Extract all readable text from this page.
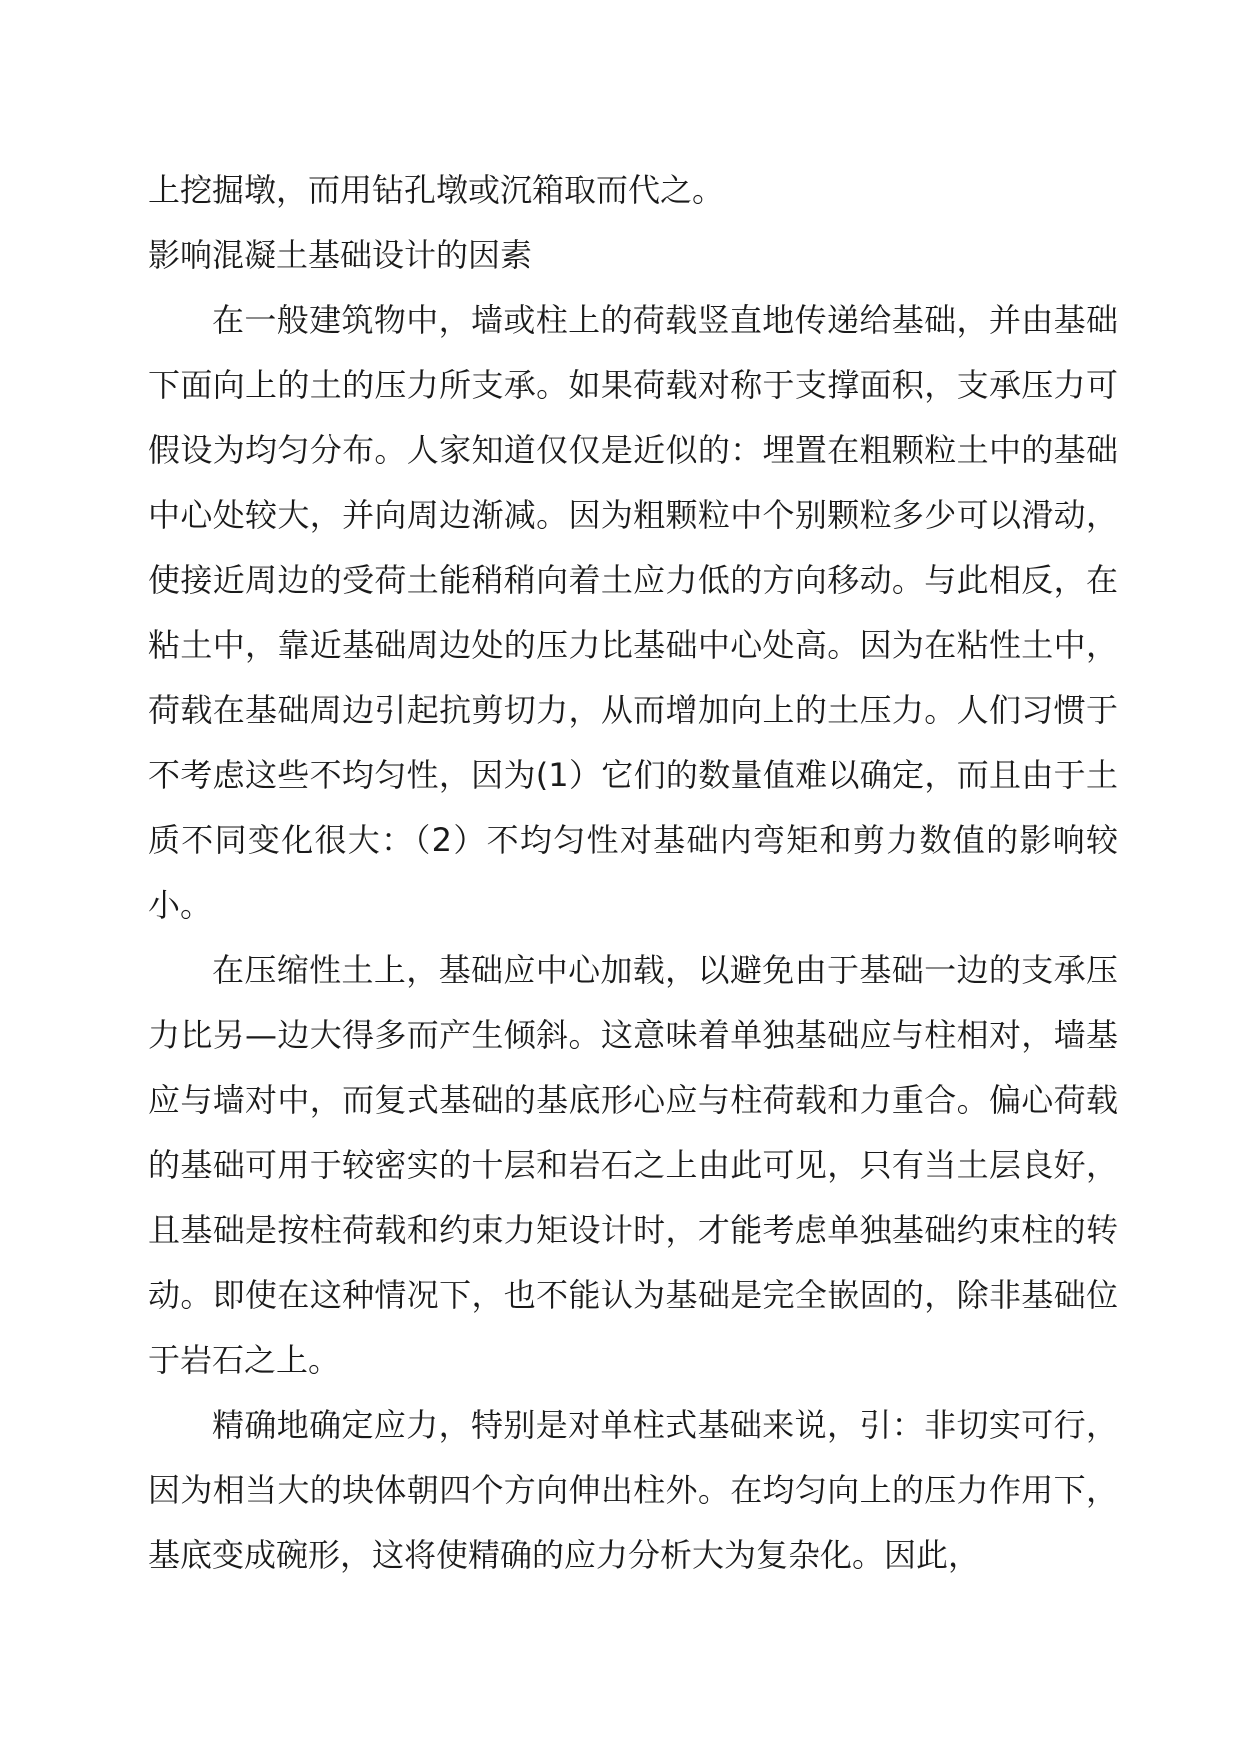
上挖掘墩，而用钻孔墩或沉箱取而代之。
影响混凝土基础设计的因素

在一般建筑物中，墙或柱上的荷载竖直地传递给基础，并由基础下面向上的土的压力所支承。如果荷载对称于支撑面积，支承压力可假设为均匀分布。人家知道仅仅是近似的：埋置在粗颗粒土中的基础中心处较大，并向周边渐减。因为粗颗粒中个别颗粒多少可以滑动，使接近周边的受荷土能稍稍向着土应力低的方向移动。与此相反，在粘土中，靠近基础周边处的压力比基础中心处高。因为在粘性土中，荷载在基础周边引起抗剪切力，从而增加向上的土压力。人们习惯于不考虑这些不均匀性，因为(1）它们的数量值难以确定，而且由于土质不同变化很大：（2）不均匀性对基础内弯矩和剪力数值的影响较小。

在压缩性土上，基础应中心加载，以避免由于基础一边的支承压力比另—边大得多而产生倾斜。这意味着单独基础应与柱相对，墙基应与墙对中，而复式基础的基底形心应与柱荷载和力重合。偏心荷载的基础可用于较密实的十层和岩石之上由此可见，只有当土层良好，且基础是按柱荷载和约束力矩设计时，才能考虑单独基础约束柱的转动。即使在这种情况下，也不能认为基础是完全嵌固的，除非基础位于岩石之上。

精确地确定应力，特别是对单柱式基础来说，引：非切实可行，因为相当大的块体朝四个方向伸出柱外。在均匀向上的压力作用下，基底变成碗形，这将使精确的应力分析大为复杂化。因此，
